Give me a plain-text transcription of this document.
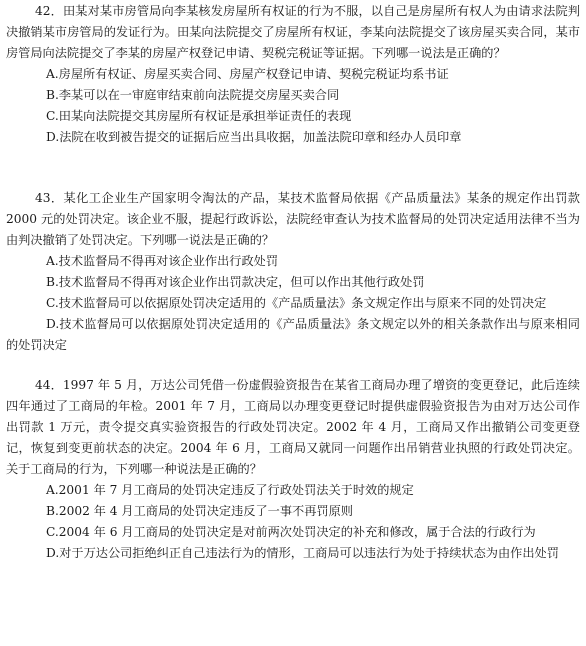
42．田某对某市房管局向李某核发房屋所有权证的行为不服，以自己是房屋所有权人为由请求法院判决撤销某市房管局的发证行为。田某向法院提交了房屋所有权证，李某向法院提交了该房屋买卖合同，某市房管局向法院提交了李某的房屋产权登记申请、契税完税证等证据。下列哪一说法是正确的？

A.房屋所有权证、房屋买卖合同、房屋产权登记申请、契税完税证均系书证

B.李某可以在一审庭审结束前向法院提交房屋买卖合同

C.田某向法院提交其房屋所有权证是承担举证责任的表现

D.法院在收到被告提交的证据后应当出具收据，加盖法院印章和经办人员印章

43．某化工企业生产国家明令淘汰的产品，某技术监督局依据《产品质量法》某条的规定作出罚款 2000 元的处罚决定。该企业不服，提起行政诉讼，法院经审查认为技术监督局的处罚决定适用法律不当为由判决撤销了处罚决定。下列哪一说法是正确的？

A.技术监督局不得再对该企业作出行政处罚

B.技术监督局不得再对该企业作出罚款决定，但可以作出其他行政处罚

C.技术监督局可以依据原处罚决定适用的《产品质量法》条文规定作出与原来不同的处罚决定

D.技术监督局可以依据原处罚决定适用的《产品质量法》条文规定以外的相关条款作出与原来相同的处罚决定

44．1997 年 5 月，万达公司凭借一份虚假验资报告在某省工商局办理了增资的变更登记，此后连续四年通过了工商局的年检。2001 年 7 月，工商局以办理变更登记时提供虚假验资报告为由对万达公司作出罚款 1 万元，责令提交真实验资报告的行政处罚决定。2002 年 4 月，工商局又作出撤销公司变更登记，恢复到变更前状态的决定。2004 年 6 月，工商局又就同一问题作出吊销营业执照的行政处罚决定。关于工商局的行为，下列哪一种说法是正确的？

A.2001 年 7 月工商局的处罚决定违反了行政处罚法关于时效的规定

B.2002 年 4 月工商局的处罚决定违反了一事不再罚原则

C.2004 年 6 月工商局的处罚决定是对前两次处罚决定的补充和修改，属于合法的行政行为

D.对于万达公司拒绝纠正自己违法行为的情形，工商局可以违法行为处于持续状态为由作出处罚
